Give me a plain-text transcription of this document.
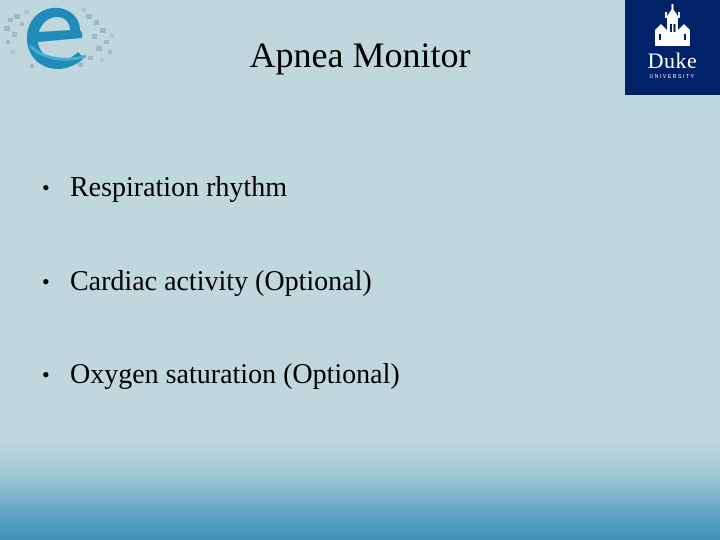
Duke
UNIVERSITY
Apnea Monitor
• Respiration rhythm
• Cardiac activity (Optional)
• Oxygen saturation (Optional)
